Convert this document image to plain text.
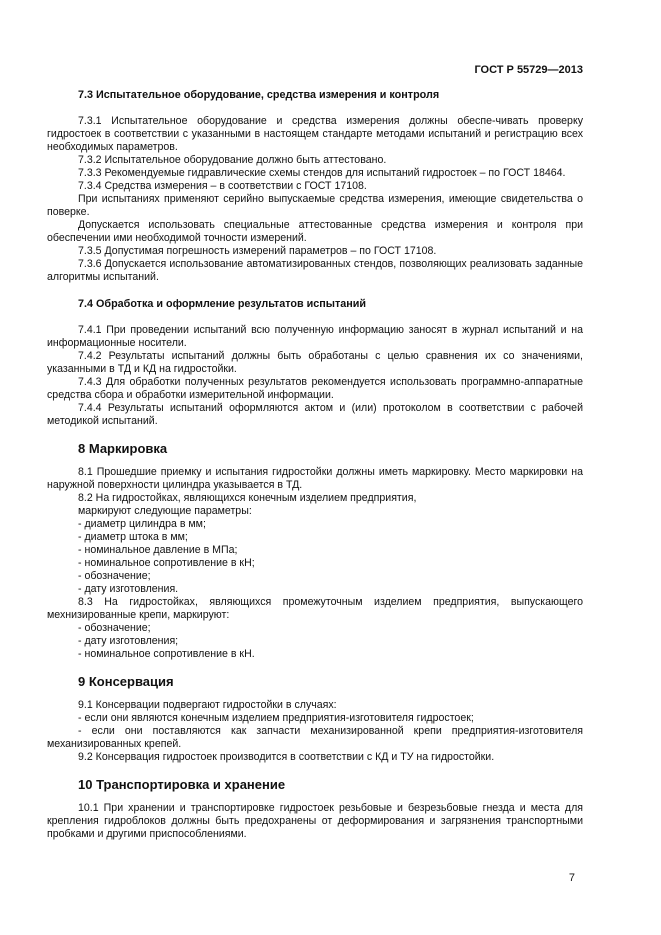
ГОСТ Р 55729—2013
7.3 Испытательное оборудование, средства измерения и контроля

7.3.1 Испытательное оборудование и средства измерения должны обеспе-чивать проверку гидростоек в соответствии с указанными в настоящем стандарте методами испытаний и регистрацию всех необходимых параметров.

7.3.2 Испытательное оборудование должно быть аттестовано.

7.3.3 Рекомендуемые гидравлические схемы стендов для испытаний гидростоек – по ГОСТ 18464.

7.3.4 Средства измерения – в соответствии с ГОСТ 17108.

При испытаниях применяют серийно выпускаемые средства измерения, имеющие свидетельства о поверке.

Допускается использовать специальные аттестованные средства измерения и контроля при обеспечении ими необходимой точности измерений.

7.3.5 Допустимая погрешность измерений параметров – по ГОСТ 17108.

7.3.6 Допускается использование автоматизированных стендов, позволяющих реализовать заданные алгоритмы испытаний.

7.4 Обработка и оформление результатов испытаний

7.4.1 При проведении испытаний всю полученную информацию заносят в журнал испытаний и на информационные носители.

7.4.2 Результаты испытаний должны быть обработаны с целью сравнения их со значениями, указанными в ТД и КД на гидростойки.

7.4.3 Для обработки полученных результатов рекомендуется использовать программно-аппаратные средства сбора и обработки измерительной информации.

7.4.4 Результаты испытаний оформляются актом и (или) протоколом в соответствии с рабочей методикой испытаний.

8 Маркировка

8.1 Прошедшие приемку и испытания гидростойки должны иметь маркировку. Место маркировки на наружной поверхности цилиндра указывается в ТД.

8.2 На гидростойках, являющихся конечным изделием предприятия,

маркируют следующие параметры:

- диаметр цилиндра в мм;

- диаметр штока в мм;

- номинальное давление в МПа;

- номинальное сопротивление в кН;

- обозначение;

- дату изготовления.

8.3 На гидростойках, являющихся промежуточным изделием предприятия, выпускающего мехнизированные крепи, маркируют:

- обозначение;

- дату изготовления;

- номинальное сопротивление в кН.

9 Консервация

9.1 Консервации подвергают гидростойки в случаях:

- если они являются конечным изделием предприятия-изготовителя гидростоек;

- если они поставляются как запчасти механизированной крепи предприятия-изготовителя механизированных крепей.

9.2 Консервация гидростоек производится в соответствии с КД и ТУ на гидростойки.

10 Транспортировка и хранение

10.1 При хранении и транспортировке гидростоек резьбовые и безрезьбовые гнезда и места для крепления гидроблоков должны быть предохранены от деформирования и загрязнения транспортными пробками и другими приспособлениями.

7
